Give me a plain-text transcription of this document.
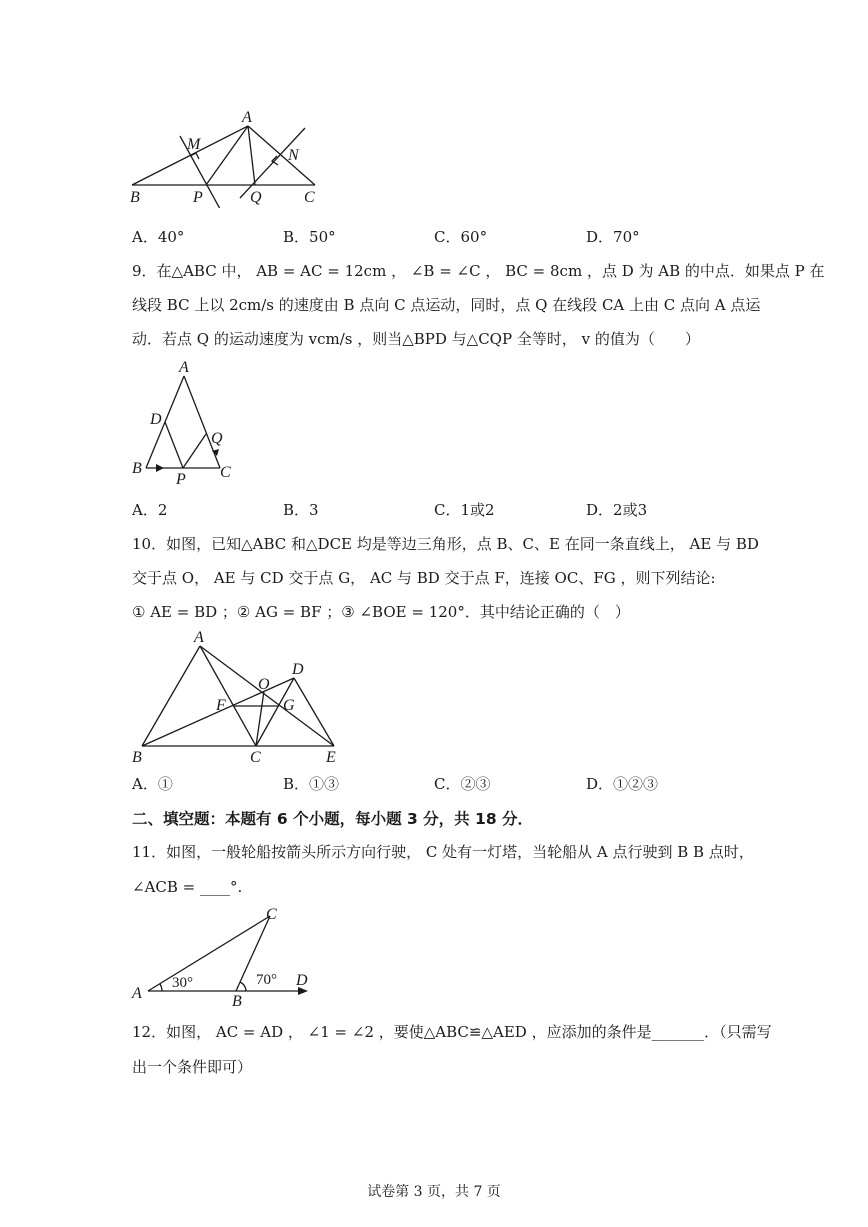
A
M
N
B	P	Q	C
A．40°	B．50°	C．60°	D．70°
9．在△ABC 中， AB = AC = 12cm ， ∠B = ∠C ， BC = 8cm ，点 D 为 AB 的中点．如果点 P 在
线段 BC 上以 2cm/s 的速度由 B 点向 C 点运动，同时，点 Q 在线段 CA 上由 C 点向 A 点运
动．若点 Q 的运动速度为 vcm/s ，则当△BPD 与△CQP 全等时， v 的值为（　　）
A
D
Q
B
P C
A．2	B．3	C．1或2	D．2或3
10．如图，已知△ABC 和△DCE 均是等边三角形，点 B、C、E 在同一条直线上， AE 与 BD
交于点 O， AE 与 CD 交于点 G， AC 与 BD 交于点 F，连接 OC、FG ，则下列结论:
① AE = BD ；② AG = BF ；③ ∠BOE = 120°．其中结论正确的（　）
A
D
O
F	G
B	C	E
A．①	B．①③	C．②③	D．①②③
二、填空题：本题有 6 个小题，每小题 3 分，共 18 分．
11．如图，一般轮船按箭头所示方向行驶， C 处有一灯塔，当轮船从 A 点行驶到 B B 点时，
∠ACB = ____°.
C
A	B
D
30°	70°
12．如图， AC = AD ， ∠1 = ∠2 ，要使△ABC≌△AED ，应添加的条件是_______．（只需写
出一个条件即可）
试卷第 3 页，共 7 页
